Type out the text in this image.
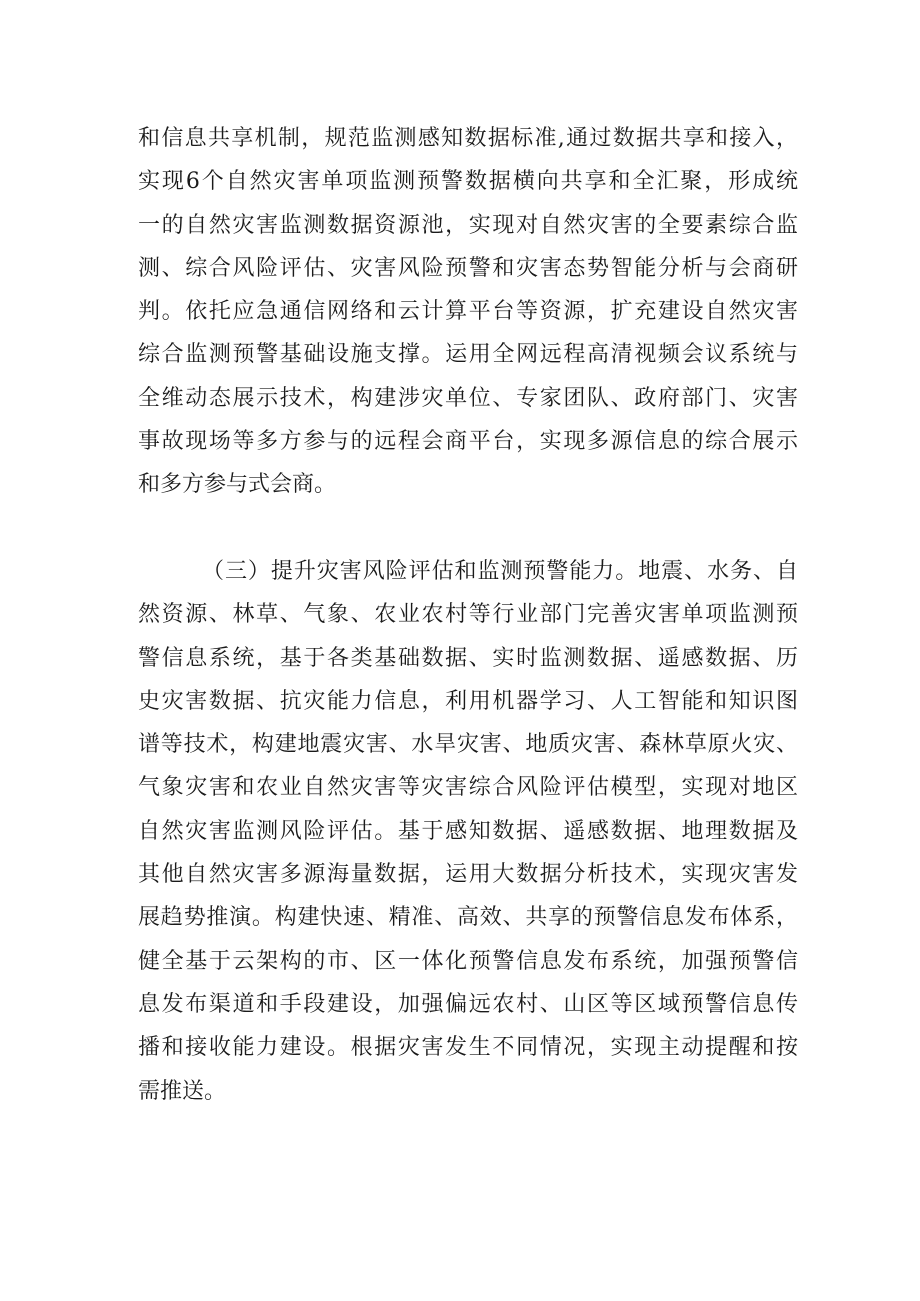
和信息共享机制，规范监测感知数据标准,通过数据共享和接入，
实现6个自然灾害单项监测预警数据横向共享和全汇聚，形成统
一的自然灾害监测数据资源池，实现对自然灾害的全要素综合监
测、综合风险评估、灾害风险预警和灾害态势智能分析与会商研
判。依托应急通信网络和云计算平台等资源，扩充建设自然灾害
综合监测预警基础设施支撑。运用全网远程高清视频会议系统与
全维动态展示技术，构建涉灾单位、专家团队、政府部门、灾害
事故现场等多方参与的远程会商平台，实现多源信息的综合展示
和多方参与式会商。
（三）提升灾害风险评估和监测预警能力。地震、水务、自
然资源、林草、气象、农业农村等行业部门完善灾害单项监测预
警信息系统，基于各类基础数据、实时监测数据、遥感数据、历
史灾害数据、抗灾能力信息，利用机器学习、人工智能和知识图
谱等技术，构建地震灾害、水旱灾害、地质灾害、森林草原火灾、
气象灾害和农业自然灾害等灾害综合风险评估模型，实现对地区
自然灾害监测风险评估。基于感知数据、遥感数据、地理数据及
其他自然灾害多源海量数据，运用大数据分析技术，实现灾害发
展趋势推演。构建快速、精准、高效、共享的预警信息发布体系，
健全基于云架构的市、区一体化预警信息发布系统，加强预警信
息发布渠道和手段建设，加强偏远农村、山区等区域预警信息传
播和接收能力建设。根据灾害发生不同情况，实现主动提醒和按
需推送。
